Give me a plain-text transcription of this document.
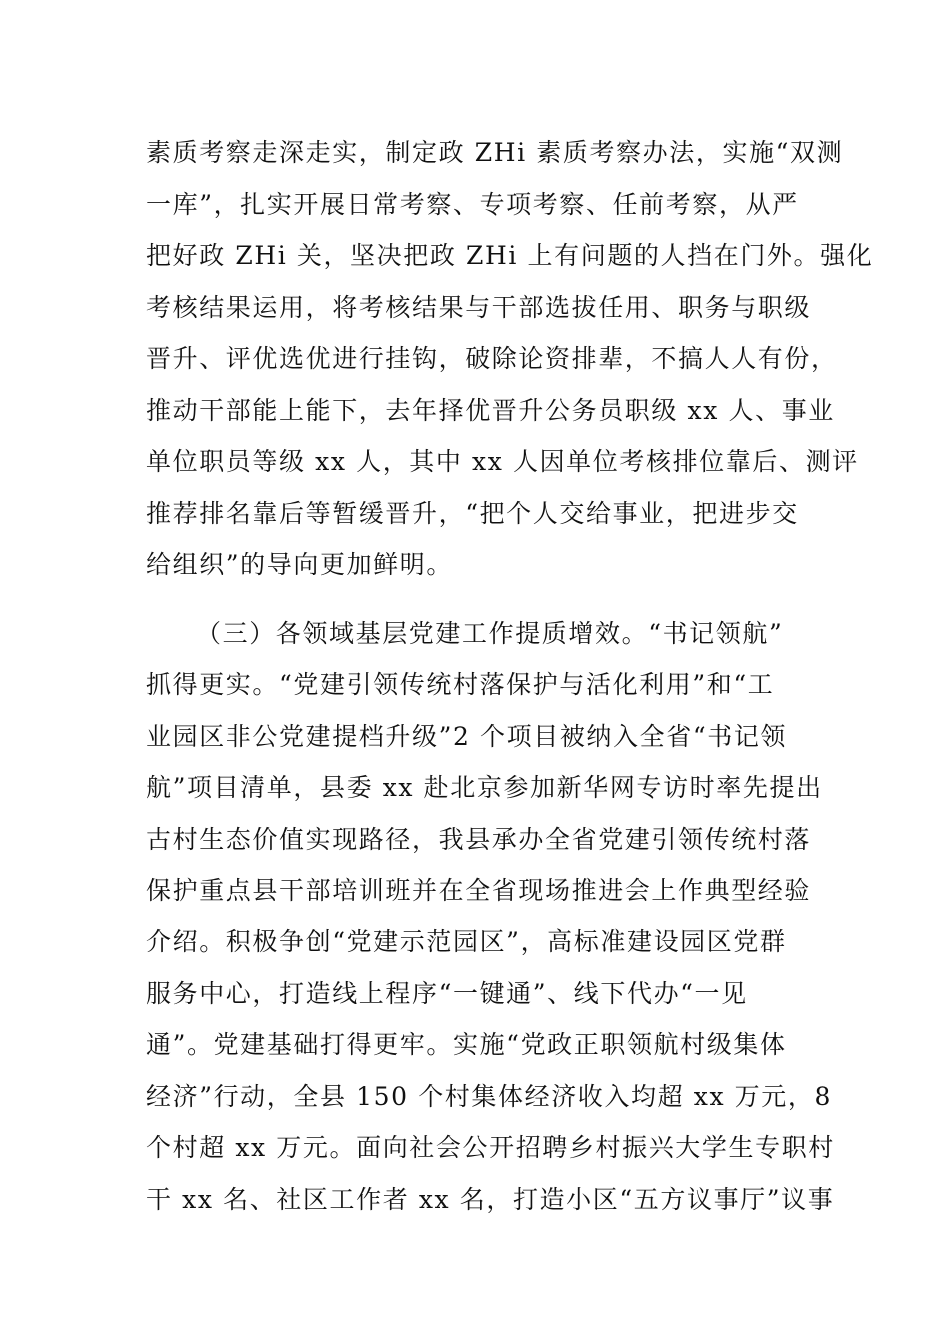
素质考察走深走实，制定政 ZHi 素质考察办法，实施“双测
一库”，扎实开展日常考察、专项考察、任前考察，从严
把好政 ZHi 关，坚决把政 ZHi 上有问题的人挡在门外。强化
考核结果运用，将考核结果与干部选拔任用、职务与职级
晋升、评优选优进行挂钩，破除论资排辈，不搞人人有份，
推动干部能上能下，去年择优晋升公务员职级 xx 人、事业
单位职员等级 xx 人，其中 xx 人因单位考核排位靠后、测评
推荐排名靠后等暂缓晋升，“把个人交给事业，把进步交
给组织”的导向更加鲜明。
（三）各领域基层党建工作提质增效。“书记领航”
抓得更实。“党建引领传统村落保护与活化利用”和“工
业园区非公党建提档升级”2 个项目被纳入全省“书记领
航”项目清单，县委 xx 赴北京参加新华网专访时率先提出
古村生态价值实现路径，我县承办全省党建引领传统村落
保护重点县干部培训班并在全省现场推进会上作典型经验
介绍。积极争创“党建示范园区”，高标准建设园区党群
服务中心，打造线上程序“一键通”、线下代办“一见
通”。党建基础打得更牢。实施“党政正职领航村级集体
经济”行动，全县 150 个村集体经济收入均超 xx 万元，8
个村超 xx 万元。面向社会公开招聘乡村振兴大学生专职村
干 xx 名、社区工作者 xx 名，打造小区“五方议事厅”议事
